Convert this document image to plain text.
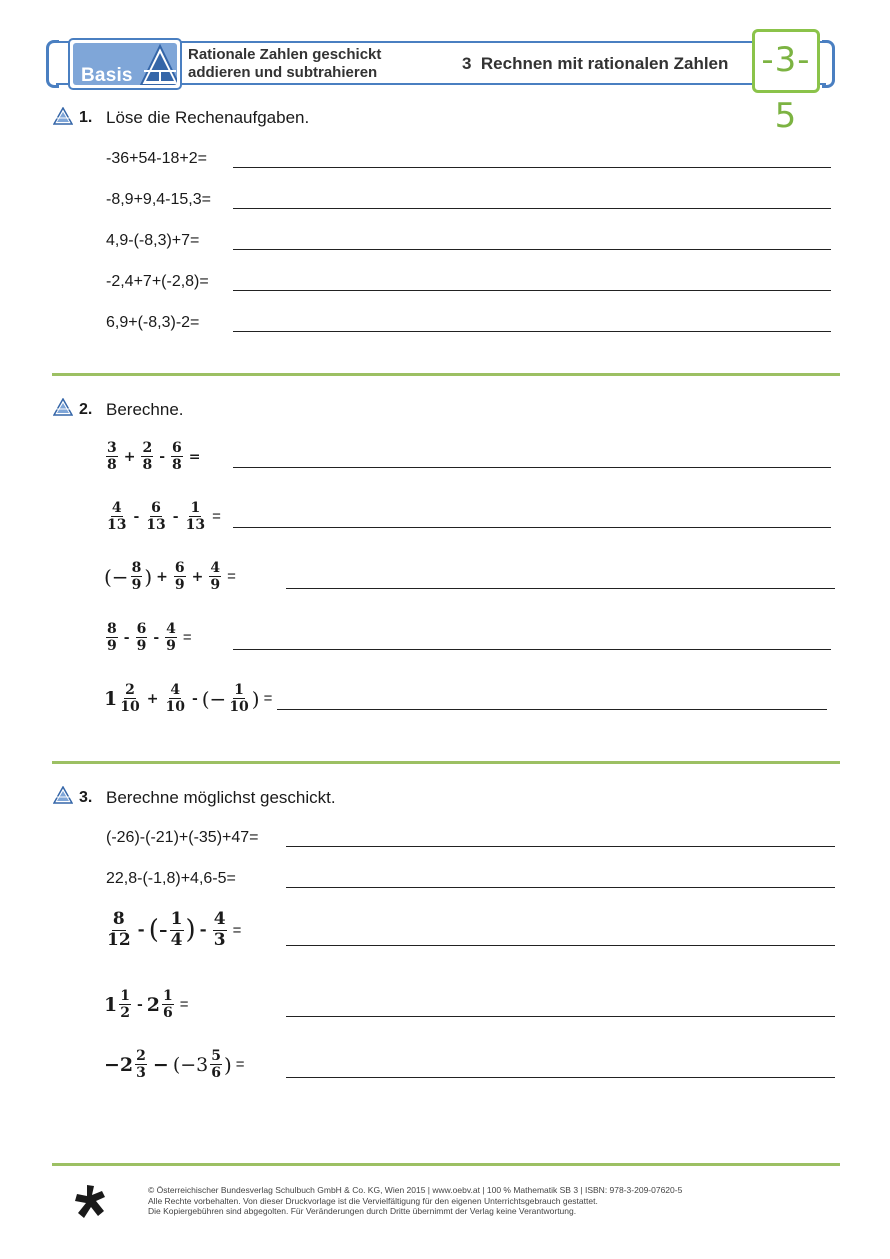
Basis
Rationale Zahlen geschickt
addieren und subtrahieren	3  Rechnen mit rationalen Zahlen -3-5
1. Löse die Rechenaufgaben.
-36+54-18+2=
-8,9+9,4-15,3=
4,9-(-8,3)+7=
-2,4+7+(-2,8)=
6,9+(-8,3)-2=
2. Berechne.
3
8
+ $\frac{2}{8} - \frac{6}{8}$ =
4
13
-
6
13
- $\frac{1}{13}$ =
(− $\frac{8}{9}$ ) + $\frac{6}{9} + \frac{4}{9}$ =
8
9
-
6
9
- $\frac{4}{9}$ =
1 2
10
+ $\frac{4}{10}$ - (− $\frac{1}{10}$ ) =
3. Berechne möglichst geschickt.
(-26)-(-21)+(-35)+47=
22,8-(-1,8)+4,6-5=
8
12 - (- 1
4 ) - $\frac{4}{3}$ =
1 1
2
- $2 \frac{1}{6}$ =
−2 2
3 − (−3 5
6 ) =
© Österreichischer Bundesverlag Schulbuch GmbH & Co. KG, Wien 2015 | www.oebv.at | 100 % Mathematik SB 3 | ISBN: 978-3-209-07620-5
Alle Rechte vorbehalten. Von dieser Druckvorlage ist die Vervielfältigung für den eigenen Unterrichtsgebrauch gestattet.
Die Kopiergebühren sind abgegolten. Für Veränderungen durch Dritte übernimmt der Verlag keine Verantwortung.
